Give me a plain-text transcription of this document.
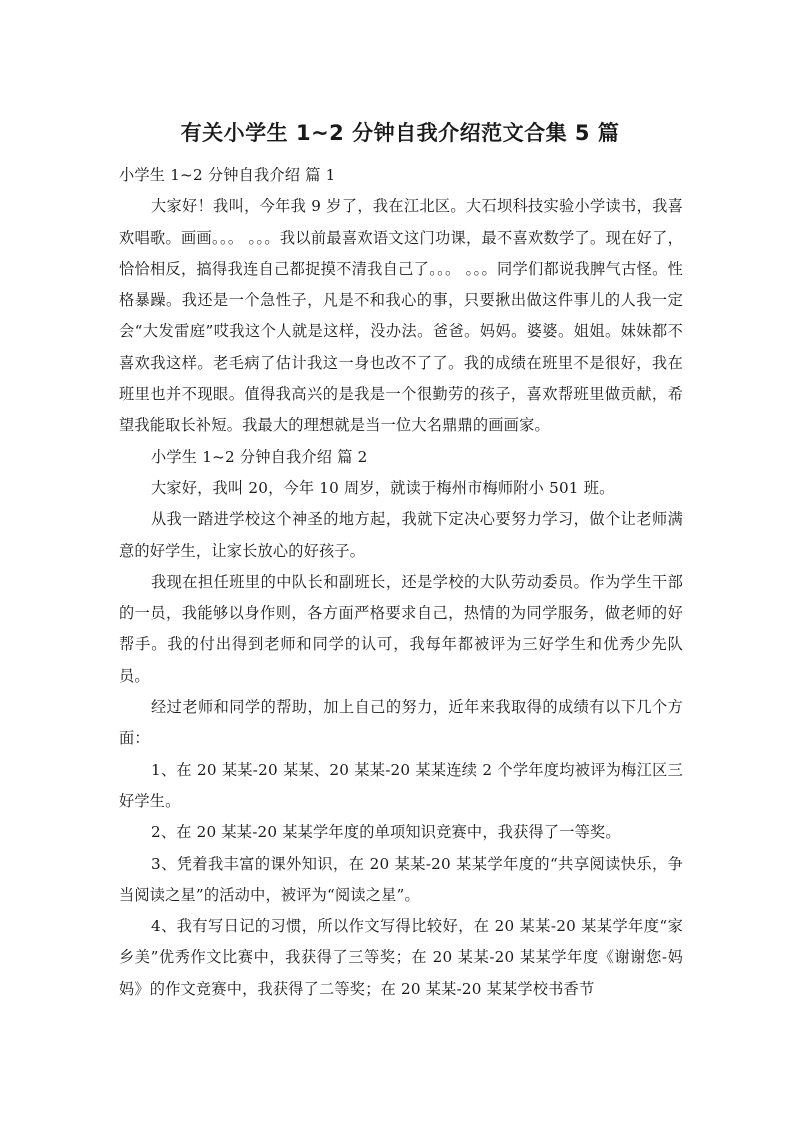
有关小学生 1~2 分钟自我介绍范文合集 5 篇

小学生 1~2 分钟自我介绍 篇 1

大家好！我叫，今年我 9 岁了，我在江北区。大石坝科技实验小学读书，我喜欢唱歌。画画。。。 。。。我以前最喜欢语文这门功课，最不喜欢数学了。现在好了，恰恰相反，搞得我连自己都捉摸不清我自己了。。。 。。。同学们都说我脾气古怪。性格暴躁。我还是一个急性子，凡是不和我心的事，只要揪出做这件事儿的人我一定会“大发雷庭”哎我这个人就是这样，没办法。爸爸。妈妈。婆婆。姐姐。妹妹都不喜欢我这样。老毛病了估计我这一身也改不了了。我的成绩在班里不是很好，我在班里也并不现眼。值得我高兴的是我是一个很勤劳的孩子，喜欢帮班里做贡献，希望我能取长补短。我最大的理想就是当一位大名鼎鼎的画画家。

小学生 1~2 分钟自我介绍 篇 2

大家好，我叫 20，今年 10 周岁，就读于梅州市梅师附小 501 班。

从我一踏进学校这个神圣的地方起，我就下定决心要努力学习，做个让老师满意的好学生，让家长放心的好孩子。

我现在担任班里的中队长和副班长，还是学校的大队劳动委员。作为学生干部的一员，我能够以身作则，各方面严格要求自己，热情的为同学服务，做老师的好帮手。我的付出得到老师和同学的认可，我每年都被评为三好学生和优秀少先队员。

经过老师和同学的帮助，加上自己的努力，近年来我取得的成绩有以下几个方面：

1、在 20 某某-20 某某、20 某某-20 某某连续 2 个学年度均被评为梅江区三好学生。

2、在 20 某某-20 某某学年度的单项知识竞赛中，我获得了一等奖。

3、凭着我丰富的课外知识，在 20 某某-20 某某学年度的“共享阅读快乐，争当阅读之星”的活动中，被评为“阅读之星”。

4、我有写日记的习惯，所以作文写得比较好，在 20 某某-20 某某学年度“家乡美”优秀作文比赛中，我获得了三等奖；在 20 某某-20 某某学年度《谢谢您-妈妈》的作文竞赛中，我获得了二等奖；在 20 某某-20 某某学校书香节
